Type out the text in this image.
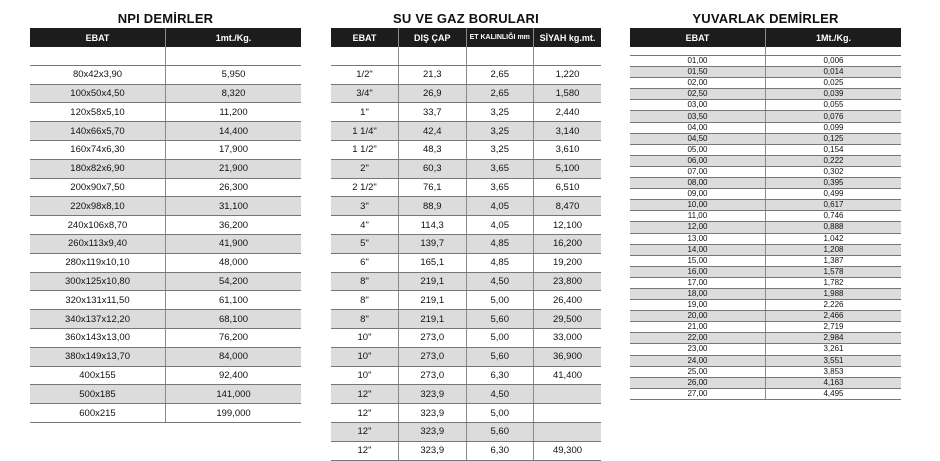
NPI DEMİRLER
EBAT	1mt./Kg.

80x42x3,90	5,950
100x50x4,50	8,320
120x58x5,10	11,200
140x66x5,70	14,400
160x74x6,30	17,900
180x82x6,90	21,900
200x90x7,50	26,300
220x98x8,10	31,100
240x106x8,70	36,200
260x113x9,40	41,900
280x119x10,10	48,000
300x125x10,80	54,200
320x131x11,50	61,100
340x137x12,20	68,100
360x143x13,00	76,200
380x149x13,70	84,000
400x155	92,400
500x185	141,000
600x215	199,000
SU VE GAZ BORULARI
EBAT	DIŞ ÇAP	ET KALINLIĞI mm	SİYAH kg.mt.

1/2"	21,3	2,65	1,220
3/4"	26,9	2,65	1,580
1"	33,7	3,25	2,440
1 1/4"	42,4	3,25	3,140
1 1/2"	48,3	3,25	3,610
2"	60,3	3,65	5,100
2 1/2"	76,1	3,65	6,510
3"	88,9	4,05	8,470
4"	114,3	4,05	12,100
5"	139,7	4,85	16,200
6"	165,1	4,85	19,200
8"	219,1	4,50	23,800
8"	219,1	5,00	26,400
8"	219,1	5,60	29,500
10"	273,0	5,00	33,000
10"	273,0	5,60	36,900
10"	273,0	6,30	41,400
12"	323,9	4,50	
12"	323,9	5,00	
12"	323,9	5,60	
12"	323,9	6,30	49,300
YUVARLAK DEMİRLER
EBAT	1Mt./Kg.

01,00	0,006
01,50	0,014
02,00	0,025
02,50	0,039
03,00	0,055
03,50	0,076
04,00	0,099
04,50	0,125
05,00	0,154
06,00	0,222
07,00	0,302
08,00	0,395
09,00	0,499
10,00	0,617
11,00	0,746
12,00	0,888
13,00	1,042
14,00	1,208
15,00	1,387
16,00	1,578
17,00	1,782
18,00	1,988
19,00	2,226
20,00	2,466
21,00	2,719
22,00	2,984
23,00	3,261
24,00	3,551
25,00	3,853
26,00	4,163
27,00	4,495
